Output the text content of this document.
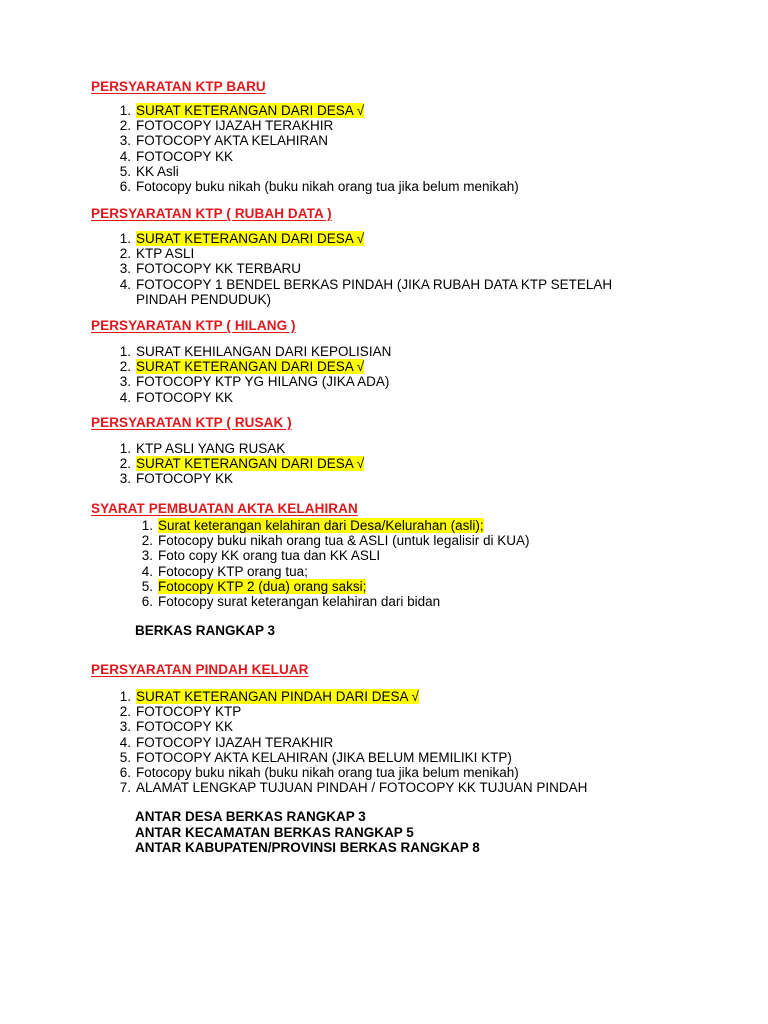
PERSYARATAN KTP BARU
1. SURAT KETERANGAN DARI DESA √
2. FOTOCOPY IJAZAH TERAKHIR
3. FOTOCOPY AKTA KELAHIRAN
4. FOTOCOPY KK
5. KK Asli
6. Fotocopy buku nikah (buku nikah orang tua jika belum menikah)
PERSYARATAN KTP ( RUBAH DATA )
1. SURAT KETERANGAN DARI DESA √
2. KTP ASLI
3. FOTOCOPY KK TERBARU
4. FOTOCOPY 1 BENDEL BERKAS PINDAH (JIKA RUBAH DATA KTP SETELAH
PINDAH PENDUDUK)
PERSYARATAN KTP ( HILANG )
1. SURAT KEHILANGAN DARI KEPOLISIAN
2. SURAT KETERANGAN DARI DESA √
3. FOTOCOPY KTP YG HILANG (JIKA ADA)
4. FOTOCOPY KK
PERSYARATAN KTP ( RUSAK )
1. KTP ASLI YANG RUSAK
2. SURAT KETERANGAN DARI DESA √
3. FOTOCOPY KK
SYARAT PEMBUATAN AKTA KELAHIRAN
1. Surat keterangan kelahiran dari Desa/Kelurahan (asli);
2. Fotocopy buku nikah orang tua & ASLI (untuk legalisir di KUA)
3. Foto copy KK orang tua dan KK ASLI
4. Fotocopy KTP orang tua;
5. Fotocopy KTP 2 (dua) orang saksi;
6. Fotocopy surat keterangan kelahiran dari bidan
BERKAS RANGKAP 3
PERSYARATAN PINDAH KELUAR
1. SURAT KETERANGAN PINDAH DARI DESA √
2. FOTOCOPY KTP
3. FOTOCOPY KK
4. FOTOCOPY IJAZAH TERAKHIR
5. FOTOCOPY AKTA KELAHIRAN (JIKA BELUM MEMILIKI KTP)
6. Fotocopy buku nikah (buku nikah orang tua jika belum menikah)
7. ALAMAT LENGKAP TUJUAN PINDAH / FOTOCOPY KK TUJUAN PINDAH
ANTAR DESA BERKAS RANGKAP 3
ANTAR KECAMATAN BERKAS RANGKAP 5
ANTAR KABUPATEN/PROVINSI BERKAS RANGKAP 8
